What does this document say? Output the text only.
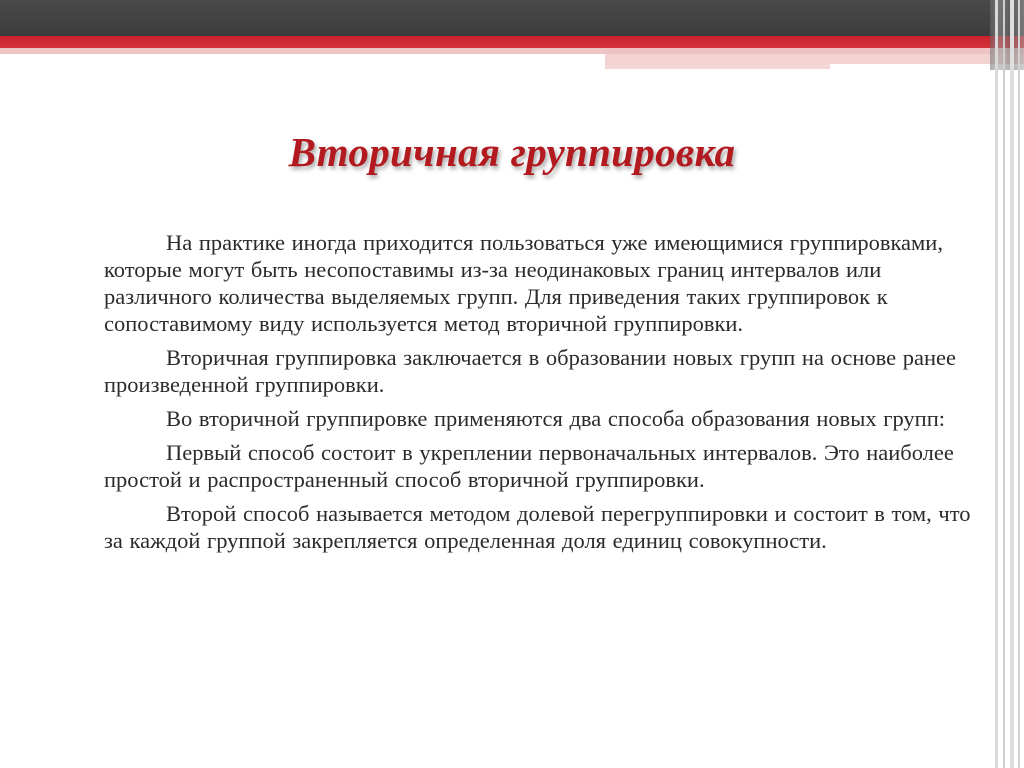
Вторичная группировка

На практике иногда приходится пользоваться уже имеющимися группировками, которые могут быть несопоставимы из-за неодинаковых границ интервалов или различного количества выделяемых групп. Для приведения таких группировок к сопоставимому виду используется метод вторичной группировки.

Вторичная группировка заключается в образовании новых групп на основе ранее произведенной группировки.

Во вторичной группировке применяются два способа образования новых групп:

Первый способ состоит в укреплении первоначальных интервалов. Это наиболее простой и распространенный способ вторичной группировки.

Второй способ называется методом долевой перегруппировки и состоит в том, что за каждой группой закрепляется определенная доля единиц совокупности.
